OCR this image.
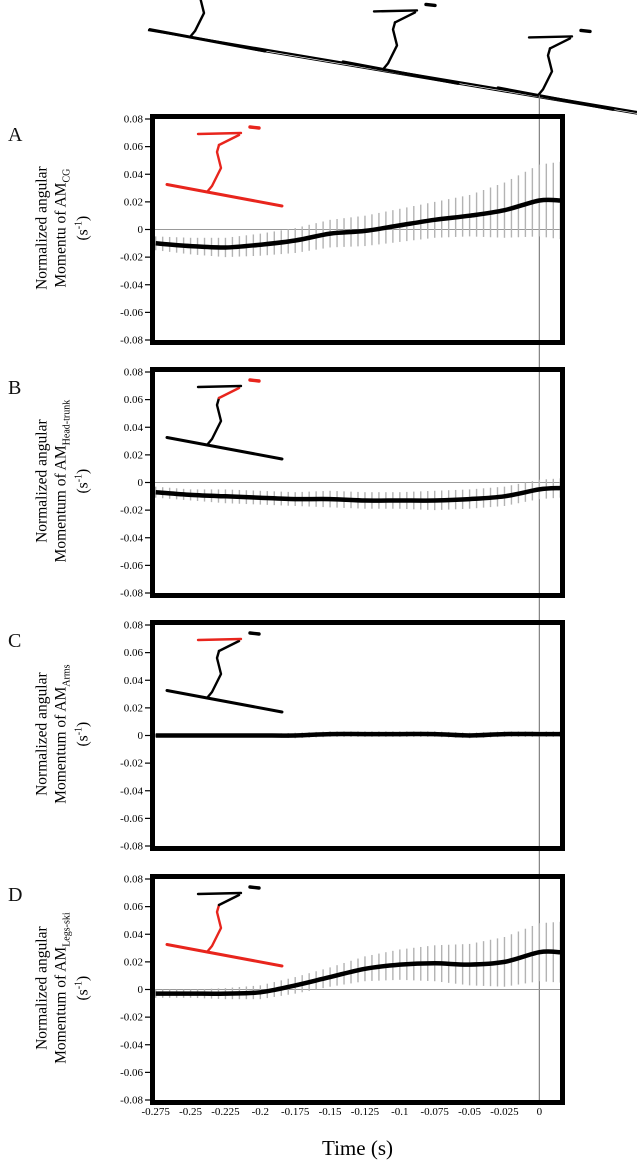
0.08
0.06
0.04
0.02
0
-0.02
-0.04
-0.06
-0.08
0.08
0.06
0.04
0.02
0
-0.02
-0.04
-0.06
-0.08
0.08
0.06
0.04
0.02
0
-0.02
-0.04
-0.06
-0.08
0.08
0.06
0.04
0.02
0
-0.02
-0.04
-0.06
-0.08
-0.275 -0.25 -0.225 -0.2 -0.175 -0.15 -0.125 -0.1 -0.075 -0.05 -0.025 0
A
B
C
D
Normalized angular Momentu of $AM_{CG}$
$(s^{-1})$
Normalized angular Momentum of $AM_{Head-trunk}$
$(s^{-1})$
Normalized angular Momentum of $AM_{Arms}$
$(s^{-1})$
Normalized angular Momentum of $AM_{Legs-ski}$
$(s^{-1})$
Time (s)
